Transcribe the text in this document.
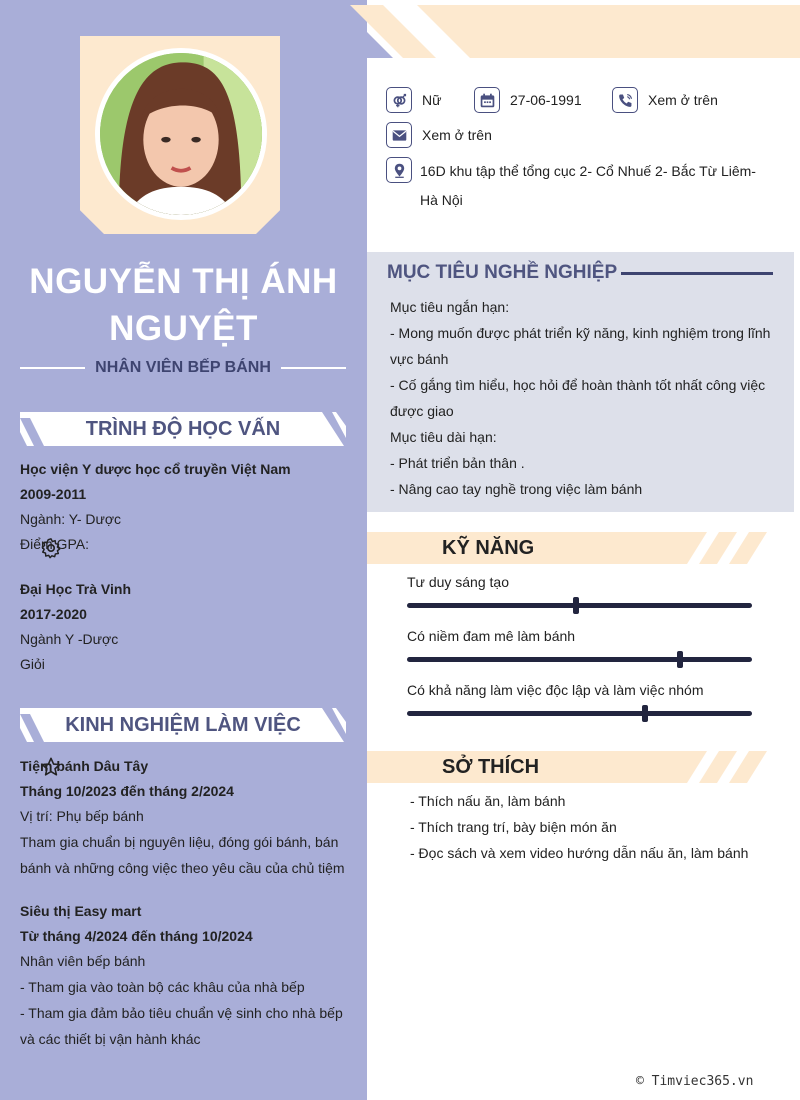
NGUYỄN THỊ ÁNH
NGUYỆT
NHÂN VIÊN BẾP BÁNH
TRÌNH ĐỘ HỌC VẤN
Học viện Y dược học cổ truyền Việt Nam
2009-2011
Ngành: Y- Dược
Điểm GPA:
Đại Học Trà Vinh
2017-2020
Ngành Y -Dược
Giỏi
KINH NGHIỆM LÀM VIỆC
Tiệm bánh Dâu Tây
Tháng 10/2023 đến tháng 2/2024
Vị trí: Phụ bếp bánh
Tham gia chuẩn bị nguyên liệu, đóng gói bánh, bán
bánh và những công việc theo yêu cầu của chủ tiệm
Siêu thị Easy mart
Từ tháng 4/2024 đến tháng 10/2024
Nhân viên bếp bánh
- Tham gia vào toàn bộ các khâu của nhà bếp
- Tham gia đảm bảo tiêu chuẩn vệ sinh cho nhà bếp
và các thiết bị vận hành khác
Nữ	27-06-1991	Xem ở trên
Xem ở trên
16D khu tập thể tổng cục 2- Cổ Nhuế 2- Bắc Từ Liêm-
Hà Nội
MỤC TIÊU NGHỀ NGHIỆP
Mục tiêu ngắn hạn:
- Mong muốn được phát triển kỹ năng, kinh nghiệm trong lĩnh
vực bánh
- Cố gắng tìm hiểu, học hỏi để hoàn thành tốt nhất công việc
được giao
Mục tiêu dài hạn:
- Phát triển bản thân .
- Nâng cao tay nghề trong việc làm bánh
KỸ NĂNG
Tư duy sáng tạo
Có niềm đam mê làm bánh
Có khả năng làm việc độc lập và làm việc nhóm
SỞ THÍCH
- Thích nấu ăn, làm bánh
- Thích trang trí, bày biện món ăn
- Đọc sách và xem video hướng dẫn nấu ăn, làm bánh
© Timviec365.vn
